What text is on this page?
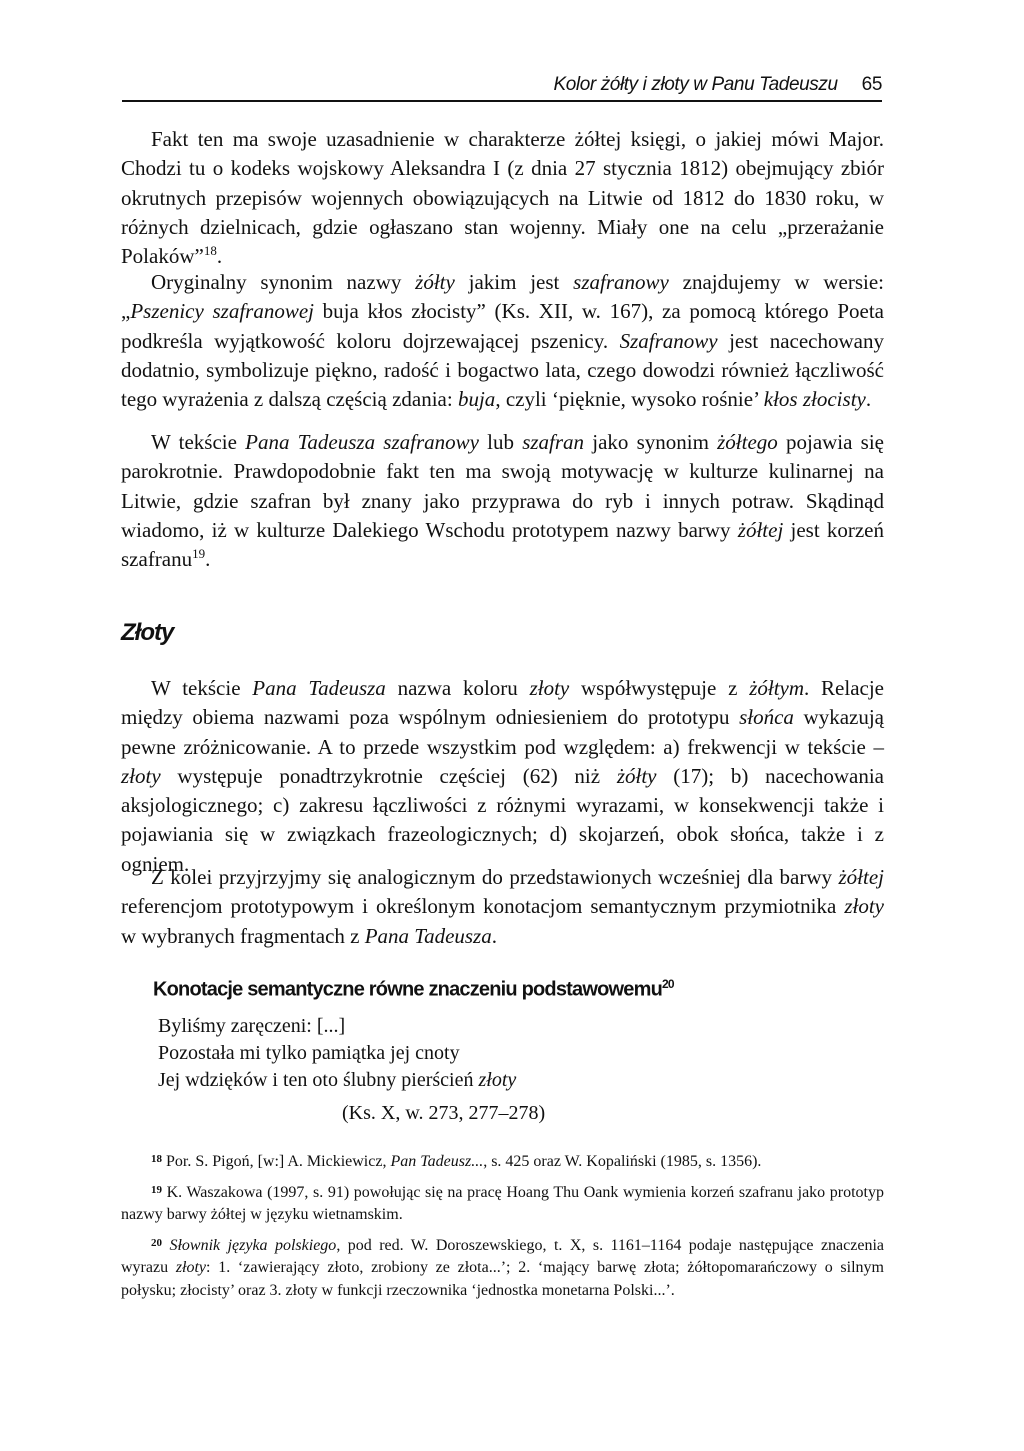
Kolor żółty i złoty w Panu Tadeuszu 65

Fakt ten ma swoje uzasadnienie w charakterze żółtej księgi, o jakiej mówi Major. Chodzi tu o kodeks wojskowy Aleksandra I (z dnia 27 stycznia 1812) obejmujący zbiór okrutnych przepisów wojennych obowiązujących na Litwie od 1812 do 1830 roku, w różnych dzielnicach, gdzie ogłaszano stan wojenny. Miały one na celu „przerażanie Polaków”$^{18}$.

Oryginalny synonim nazwy żółty jakim jest szafranowy znajdujemy w wersie: „Pszenicy szafranowej buja kłos złocisty” (Ks. XII, w. 167), za pomocą którego Poeta podkreśla wyjątkowość koloru dojrzewającej pszenicy. Szafranowy jest nacechowany dodatnio, symbolizuje piękno, radość i bogactwo lata, czego dowodzi również łączliwość tego wyrażenia z dalszą częścią zdania: buja, czyli ‘pięknie, wysoko rośnie’ kłos złocisty.

W tekście Pana Tadeusza szafranowy lub szafran jako synonim żółtego pojawia się parokrotnie. Prawdopodobnie fakt ten ma swoją motywację w kulturze kulinarnej na Litwie, gdzie szafran był znany jako przyprawa do ryb i innych potraw. Skądinąd wiadomo, iż w kulturze Dalekiego Wschodu prototypem nazwy barwy żółtej jest korzeń szafranu$^{19}$.

Złoty

W tekście Pana Tadeusza nazwa koloru złoty współwystępuje z żółtym. Relacje między obiema nazwami poza wspólnym odniesieniem do prototypu słońca wykazują pewne zróżnicowanie. A to przede wszystkim pod względem: a) frekwencji w tekście – złoty występuje ponadtrzykrotnie częściej (62) niż żółty (17); b) nacechowania aksjologicznego; c) zakresu łączliwości z różnymi wyrazami, w konsekwencji także i pojawiania się w związkach frazeologicznych; d) skojarzeń, obok słońca, także i z ogniem.

Z kolei przyjrzyjmy się analogicznym do przedstawionych wcześniej dla barwy żółtej referencjom prototypowym i określonym konotacjom semantycznym przymiotnika złoty w wybranych fragmentach z Pana Tadeusza.

Konotacje semantyczne równe znaczeniu podstawowemu$^{20}$
Byliśmy zaręczeni: [...]
Pozostała mi tylko pamiątka jej cnoty
Jej wdzięków i ten oto ślubny pierścień złoty
(Ks. X, w. 273, 277–278)

$^{18}$ Por. S. Pigoń, [w:] A. Mickiewicz, Pan Tadeusz..., s. 425 oraz W. Kopaliński (1985, s. 1356).

$^{19}$ K. Waszakowa (1997, s. 91) powołując się na pracę Hoang Thu Oank wymienia korzeń szafranu jako prototyp nazwy barwy żółtej w języku wietnamskim.

$^{20}$ Słownik języka polskiego, pod red. W. Doroszewskiego, t. X, s. 1161–1164 podaje następujące znaczenia wyrazu złoty: 1. ‘zawierający złoto, zrobiony ze złota...’; 2. ‘mający barwę złota; żółtopomarańczowy o silnym połysku; złocisty’ oraz 3. złoty w funkcji rzeczownika ‘jednostka monetarna Polski...’.
